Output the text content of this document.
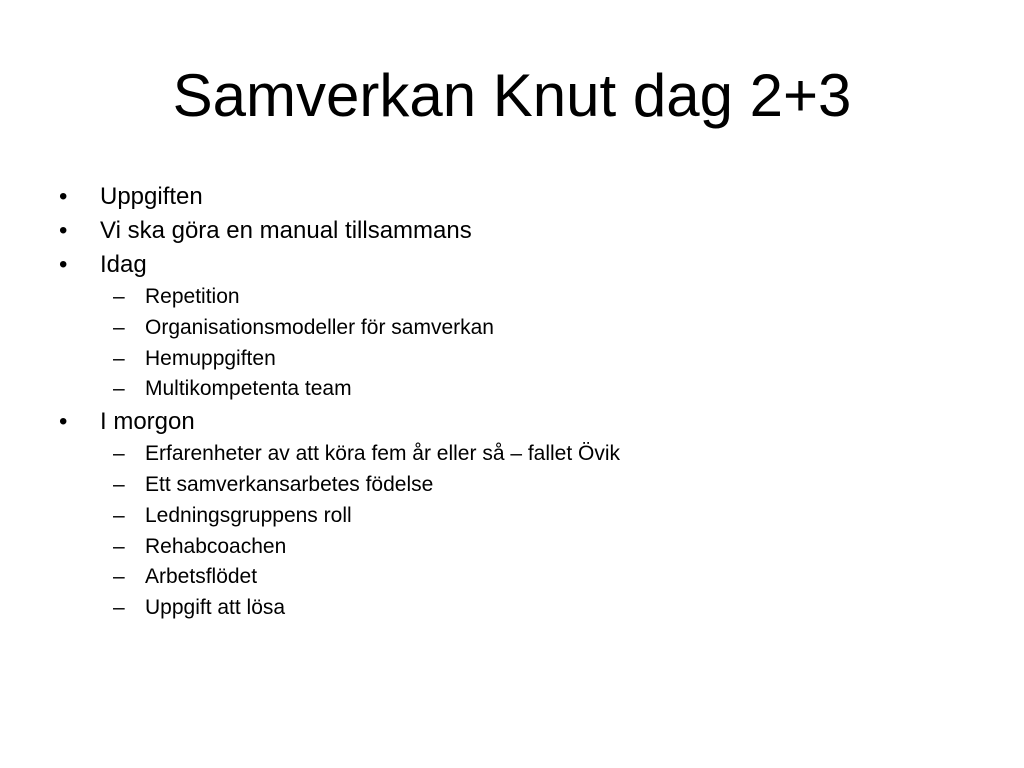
Samverkan Knut dag 2+3
•	Uppgiften
•	Vi ska göra en manual tillsammans
•	Idag
– Repetition
– Organisationsmodeller för samverkan
– Hemuppgiften
– Multikompetenta team
•	I morgon
– Erfarenheter av att köra fem år eller så – fallet Övik
– Ett samverkansarbetes födelse
– Ledningsgruppens roll
– Rehabcoachen
– Arbetsflödet
– Uppgift att lösa
